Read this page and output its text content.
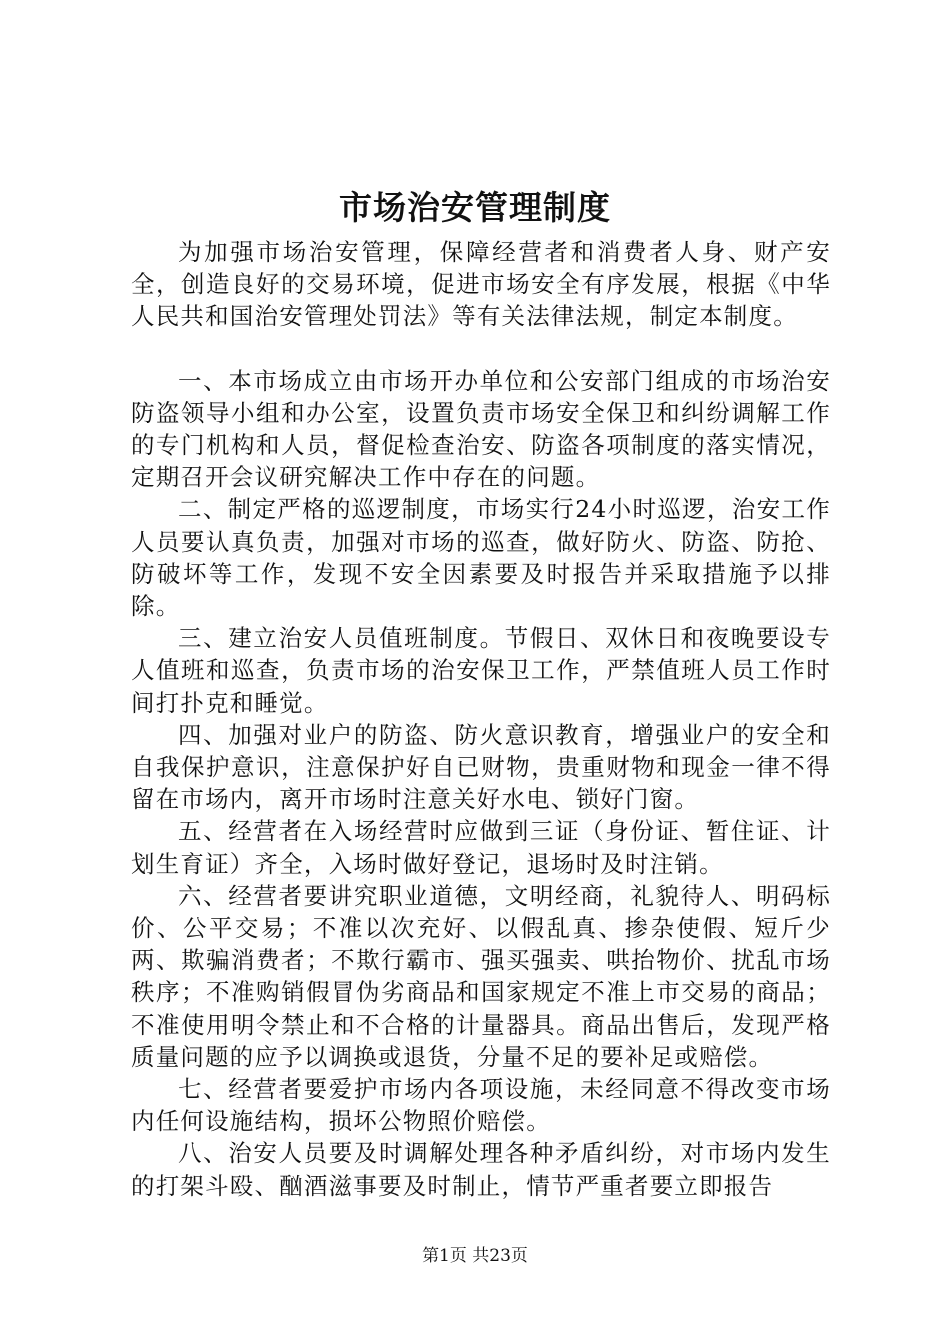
市场治安管理制度

为加强市场治安管理，保障经营者和消费者人身、财产安全，创造良好的交易环境，促进市场安全有序发展，根据《中华人民共和国治安管理处罚法》等有关法律法规，制定本制度。

一、本市场成立由市场开办单位和公安部门组成的市场治安防盗领导小组和办公室，设置负责市场安全保卫和纠纷调解工作的专门机构和人员，督促检查治安、防盗各项制度的落实情况，定期召开会议研究解决工作中存在的问题。

二、制定严格的巡逻制度，市场实行24小时巡逻，治安工作人员要认真负责，加强对市场的巡查，做好防火、防盗、防抢、防破坏等工作，发现不安全因素要及时报告并采取措施予以排除。

三、建立治安人员值班制度。节假日、双休日和夜晚要设专人值班和巡查，负责市场的治安保卫工作，严禁值班人员工作时间打扑克和睡觉。

四、加强对业户的防盗、防火意识教育，增强业户的安全和自我保护意识，注意保护好自已财物，贵重财物和现金一律不得留在市场内，离开市场时注意关好水电、锁好门窗。

五、经营者在入场经营时应做到三证（身份证、暂住证、计划生育证）齐全，入场时做好登记，退场时及时注销。

六、经营者要讲究职业道德，文明经商，礼貌待人、明码标价、公平交易；不准以次充好、以假乱真、掺杂使假、短斤少两、欺骗消费者；不欺行霸市、强买强卖、哄抬物价、扰乱市场秩序；不准购销假冒伪劣商品和国家规定不准上市交易的商品；不准使用明令禁止和不合格的计量器具。商品出售后，发现严格质量问题的应予以调换或退货，分量不足的要补足或赔偿。

七、经营者要爱护市场内各项设施，未经同意不得改变市场内任何设施结构，损坏公物照价赔偿。

八、治安人员要及时调解处理各种矛盾纠纷，对市场内发生的打架斗殴、酗酒滋事要及时制止，情节严重者要立即报告

第1页 共23页
